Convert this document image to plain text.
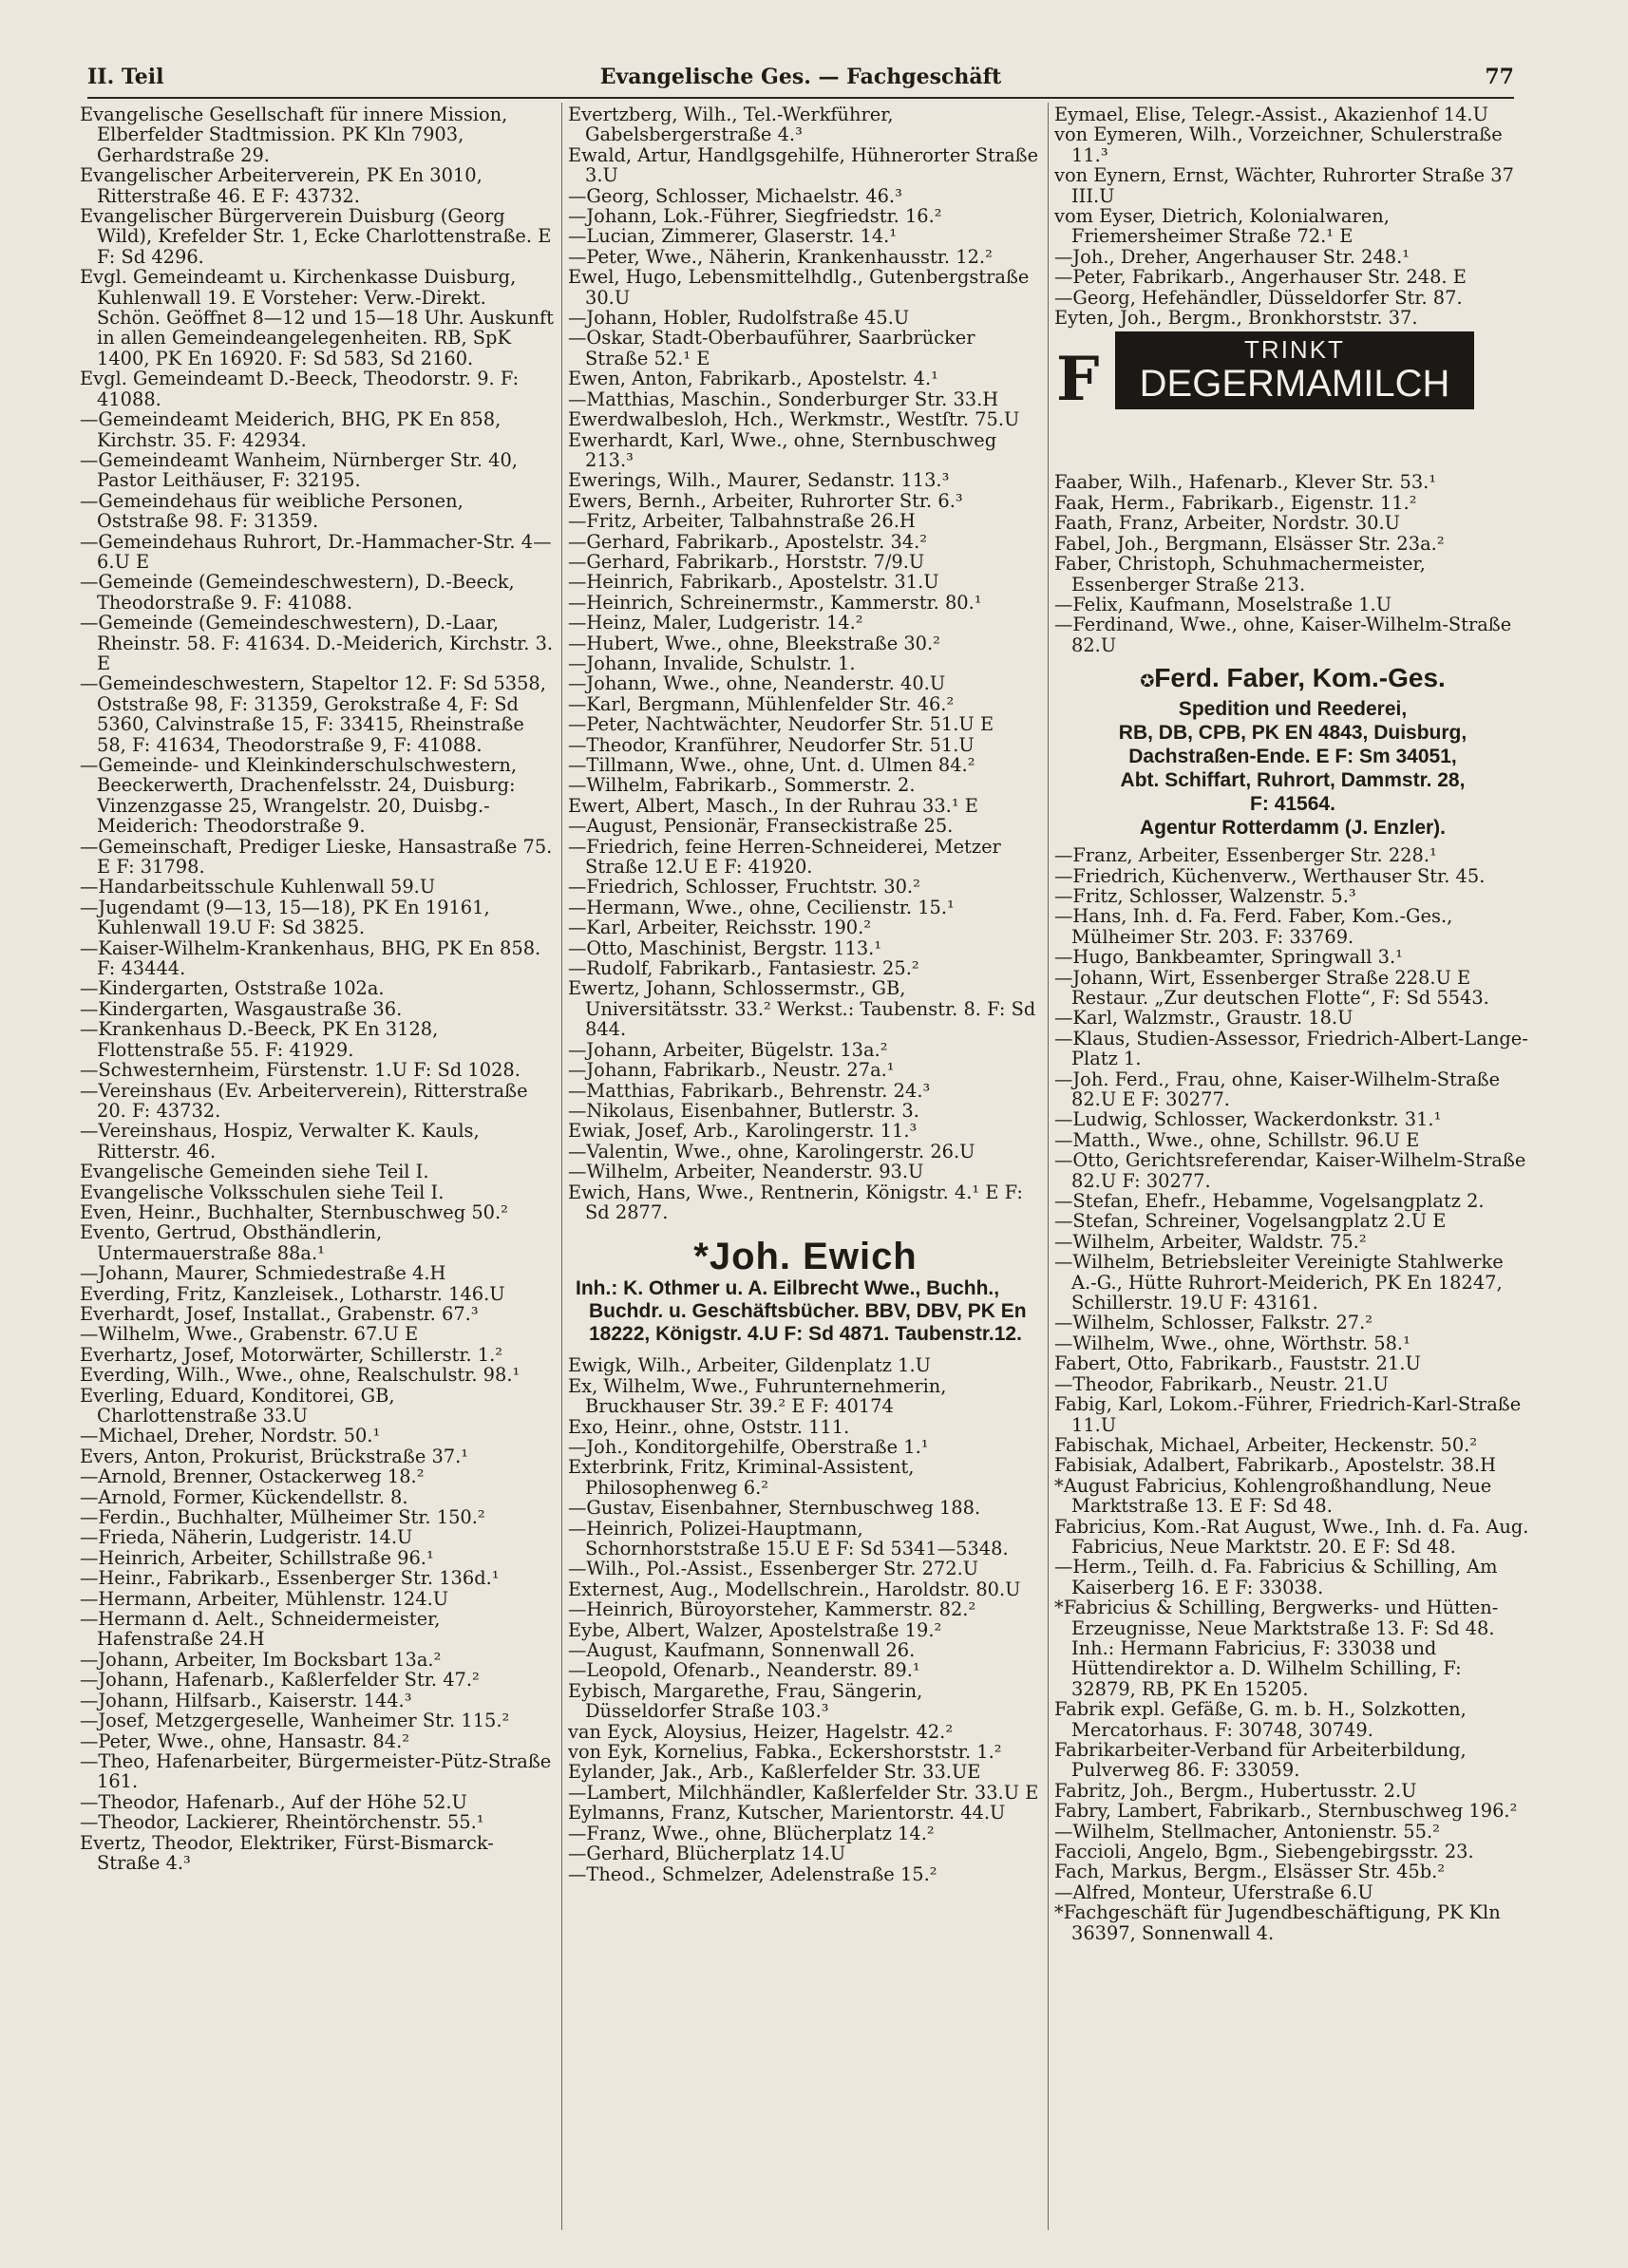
II. Teil	Evangelische Ges. — Fachgeschäft	77

Evangelische Gesellschaft für innere Mission, Elberfelder Stadtmission. PK Kln 7903, Gerhardstraße 29.

Evangelischer Arbeiterverein, PK En 3010, Ritterstraße 46. E F: 43732.

Evangelischer Bürgerverein Duisburg (Georg Wild), Krefelder Str. 1, Ecke Charlottenstraße. E F: Sd 4296.

Evgl. Gemeindeamt u. Kirchenkasse Duisburg, Kuhlenwall 19. E Vorsteher: Verw.-Direkt. Schön. Geöffnet 8—12 und 15—18 Uhr. Auskunft in allen Gemeindeangelegenheiten. RB, SpK 1400, PK En 16920. F: Sd 583, Sd 2160.

Evgl. Gemeindeamt D.-Beeck, Theodorstr. 9. F: 41088.

—Gemeindeamt Meiderich, BHG, PK En 858, Kirchstr. 35. F: 42934.

—Gemeindeamt Wanheim, Nürnberger Str. 40, Pastor Leithäuser, F: 32195.

—Gemeindehaus für weibliche Personen, Oststraße 98. F: 31359.

—Gemeindehaus Ruhrort, Dr.-Hammacher-Str. 4—6.U E

—Gemeinde (Gemeindeschwestern), D.-Beeck, Theodorstraße 9. F: 41088.

—Gemeinde (Gemeindeschwestern), D.-Laar, Rheinstr. 58. F: 41634. D.-Meiderich, Kirchstr. 3. E

—Gemeindeschwestern, Stapeltor 12. F: Sd 5358, Oststraße 98, F: 31359, Gerokstraße 4, F: Sd 5360, Calvinstraße 15, F: 33415, Rheinstraße 58, F: 41634, Theodorstraße 9, F: 41088.

—Gemeinde- und Kleinkinderschulschwestern, Beeckerwerth, Drachenfelsstr. 24, Duisburg: Vinzenzgasse 25, Wrangelstr. 20, Duisbg.-Meiderich: Theodorstraße 9.

—Gemeinschaft, Prediger Lieske, Hansastraße 75. E F: 31798.

—Handarbeitsschule Kuhlenwall 59.U

—Jugendamt (9—13, 15—18), PK En 19161, Kuhlenwall 19.U F: Sd 3825.

—Kaiser-Wilhelm-Krankenhaus, BHG, PK En 858. F: 43444.

—Kindergarten, Oststraße 102a.

—Kindergarten, Wasgaustraße 36.

—Krankenhaus D.-Beeck, PK En 3128, Flottenstraße 55. F: 41929.

—Schwesternheim, Fürstenstr. 1.U F: Sd 1028.

—Vereinshaus (Ev. Arbeiterverein), Ritterstraße 20. F: 43732.

—Vereinshaus, Hospiz, Verwalter K. Kauls, Ritterstr. 46.

Evangelische Gemeinden siehe Teil I.

Evangelische Volksschulen siehe Teil I.

Even, Heinr., Buchhalter, Sternbuschweg 50.²

Evento, Gertrud, Obsthändlerin, Untermauerstraße 88a.¹

—Johann, Maurer, Schmiedestraße 4.H

Everding, Fritz, Kanzleisek., Lotharstr. 146.U

Everhardt, Josef, Installat., Grabenstr. 67.³

—Wilhelm, Wwe., Grabenstr. 67.U E

Everhartz, Josef, Motorwärter, Schillerstr. 1.²

Everding, Wilh., Wwe., ohne, Realschulstr. 98.¹

Everling, Eduard, Konditorei, GB, Charlottenstraße 33.U

—Michael, Dreher, Nordstr. 50.¹

Evers, Anton, Prokurist, Brückstraße 37.¹

—Arnold, Brenner, Ostackerweg 18.²

—Arnold, Former, Kückendellstr. 8.

—Ferdin., Buchhalter, Mülheimer Str. 150.²

—Frieda, Näherin, Ludgeristr. 14.U

—Heinrich, Arbeiter, Schillstraße 96.¹

—Heinr., Fabrikarb., Essenberger Str. 136d.¹

—Hermann, Arbeiter, Mühlenstr. 124.U

—Hermann d. Aelt., Schneidermeister, Hafenstraße 24.H

—Johann, Arbeiter, Im Bocksbart 13a.²

—Johann, Hafenarb., Kaßlerfelder Str. 47.²

—Johann, Hilfsarb., Kaiserstr. 144.³

—Josef, Metzgergeselle, Wanheimer Str. 115.²

—Peter, Wwe., ohne, Hansastr. 84.²

—Theo, Hafenarbeiter, Bürgermeister-Pütz-Straße 161.

—Theodor, Hafenarb., Auf der Höhe 52.U

—Theodor, Lackierer, Rheintörchenstr. 55.¹

Evertz, Theodor, Elektriker, Fürst-Bismarck-Straße 4.³

Evertzberg, Wilh., Tel.-Werkführer, Gabelsbergerstraße 4.³

Ewald, Artur, Handlgsgehilfe, Hühnerorter Straße 3.U

—Georg, Schlosser, Michaelstr. 46.³

—Johann, Lok.-Führer, Siegfriedstr. 16.²

—Lucian, Zimmerer, Glaserstr. 14.¹

—Peter, Wwe., Näherin, Krankenhausstr. 12.²

Ewel, Hugo, Lebensmittelhdlg., Gutenbergstraße 30.U

—Johann, Hobler, Rudolfstraße 45.U

—Oskar, Stadt-Oberbauführer, Saarbrücker Straße 52.¹ E

Ewen, Anton, Fabrikarb., Apostelstr. 4.¹

—Matthias, Maschin., Sonderburger Str. 33.H

Ewerdwalbesloh, Hch., Werkmstr., Westſtr. 75.U

Ewerhardt, Karl, Wwe., ohne, Sternbuschweg 213.³

Ewerings, Wilh., Maurer, Sedanstr. 113.³

Ewers, Bernh., Arbeiter, Ruhrorter Str. 6.³

—Fritz, Arbeiter, Talbahnstraße 26.H

—Gerhard, Fabrikarb., Apostelstr. 34.²

—Gerhard, Fabrikarb., Horststr. 7/9.U

—Heinrich, Fabrikarb., Apostelstr. 31.U

—Heinrich, Schreinermstr., Kammerstr. 80.¹

—Heinz, Maler, Ludgeristr. 14.²

—Hubert, Wwe., ohne, Bleekstraße 30.²

—Johann, Invalide, Schulstr. 1.

—Johann, Wwe., ohne, Neanderstr. 40.U

—Karl, Bergmann, Mühlenfelder Str. 46.²

—Peter, Nachtwächter, Neudorfer Str. 51.U E

—Theodor, Kranführer, Neudorfer Str. 51.U

—Tillmann, Wwe., ohne, Unt. d. Ulmen 84.²

—Wilhelm, Fabrikarb., Sommerstr. 2.

Ewert, Albert, Masch., In der Ruhrau 33.¹ E

—August, Pensionär, Franseckistraße 25.

—Friedrich, feine Herren-Schneiderei, Metzer Straße 12.U E F: 41920.

—Friedrich, Schlosser, Fruchtstr. 30.²

—Hermann, Wwe., ohne, Cecilienstr. 15.¹

—Karl, Arbeiter, Reichsstr. 190.²

—Otto, Maschinist, Bergstr. 113.¹

—Rudolf, Fabrikarb., Fantasiestr. 25.²

Ewertz, Johann, Schlossermstr., GB, Universitätsstr. 33.² Werkst.: Taubenstr. 8. F: Sd 844.

—Johann, Arbeiter, Bügelstr. 13a.²

—Johann, Fabrikarb., Neustr. 27a.¹

—Matthias, Fabrikarb., Behrenstr. 24.³

—Nikolaus, Eisenbahner, Butlerstr. 3.

Ewiak, Josef, Arb., Karolingerstr. 11.³

—Valentin, Wwe., ohne, Karolingerstr. 26.U

—Wilhelm, Arbeiter, Neanderstr. 93.U

Ewich, Hans, Wwe., Rentnerin, Königstr. 4.¹ E F: Sd 2877.

*Joh. Ewich
Inh.: K. Othmer u. A. Eilbrecht Wwe., Buchh., Buchdr. u. Geschäftsbücher. BBV, DBV, PK En 18222, Königstr. 4.U F: Sd 4871. Taubenstr.12.

Ewigk, Wilh., Arbeiter, Gildenplatz 1.U

Ex, Wilhelm, Wwe., Fuhrunternehmerin, Bruckhauser Str. 39.² E F: 40174

Exo, Heinr., ohne, Oststr. 111.

—Joh., Konditorgehilfe, Oberstraße 1.¹

Exterbrink, Fritz, Kriminal-Assistent, Philosophenweg 6.²

—Gustav, Eisenbahner, Sternbuschweg 188.

—Heinrich, Polizei-Hauptmann, Schornhorststraße 15.U E F: Sd 5341—5348.

—Wilh., Pol.-Assist., Essenberger Str. 272.U

Externest, Aug., Modellschrein., Haroldstr. 80.U

—Heinrich, Büroyorsteher, Kammerstr. 82.²

Eybe, Albert, Walzer, Apostelstraße 19.²

—August, Kaufmann, Sonnenwall 26.

—Leopold, Ofenarb., Neanderstr. 89.¹

Eybisch, Margarethe, Frau, Sängerin, Düsseldorfer Straße 103.³

van Eyck, Aloysius, Heizer, Hagelstr. 42.²

von Eyk, Kornelius, Fabka., Eckershorststr. 1.²

Eylander, Jak., Arb., Kaßlerfelder Str. 33.UE

—Lambert, Milchhändler, Kaßlerfelder Str. 33.U E

Eylmanns, Franz, Kutscher, Marientorstr. 44.U

—Franz, Wwe., ohne, Blücherplatz 14.²

—Gerhard, Blücherplatz 14.U

—Theod., Schmelzer, Adelenstraße 15.²

Eymael, Elise, Telegr.-Assist., Akazienhof 14.U

von Eymeren, Wilh., Vorzeichner, Schulerstraße 11.³

von Eynern, Ernst, Wächter, Ruhrorter Straße 37 III.U

vom Eyser, Dietrich, Kolonialwaren, Friemersheimer Straße 72.¹ E

—Joh., Dreher, Angerhauser Str. 248.¹

—Peter, Fabrikarb., Angerhauser Str. 248. E

—Georg, Hefehändler, Düsseldorfer Str. 87.

Eyten, Joh., Bergm., Bronkhorststr. 37.

TRINKT
DEGERMAMILCH
F

Faaber, Wilh., Hafenarb., Klever Str. 53.¹

Faak, Herm., Fabrikarb., Eigenstr. 11.²

Faath, Franz, Arbeiter, Nordstr. 30.U

Fabel, Joh., Bergmann, Elsässer Str. 23a.²

Faber, Christoph, Schuhmachermeister, Essenberger Straße 213.

—Felix, Kaufmann, Moselstraße 1.U

—Ferdinand, Wwe., ohne, Kaiser-Wilhelm-Straße 82.U

✪Ferd. Faber, Kom.-Ges.
Spedition und Reederei,
RB, DB, CPB, PK EN 4843, Duisburg,
Dachstraßen-Ende. E F: Sm 34051,
Abt. Schiffart, Ruhrort, Dammstr. 28,
F: 41564.
Agentur Rotterdamm (J. Enzler).

—Franz, Arbeiter, Essenberger Str. 228.¹

—Friedrich, Küchenverw., Werthauser Str. 45.

—Fritz, Schlosser, Walzenstr. 5.³

—Hans, Inh. d. Fa. Ferd. Faber, Kom.-Ges., Mülheimer Str. 203. F: 33769.

—Hugo, Bankbeamter, Springwall 3.¹

—Johann, Wirt, Essenberger Straße 228.U E Restaur. „Zur deutschen Flotte“, F: Sd 5543.

—Karl, Walzmstr., Graustr. 18.U

—Klaus, Studien-Assessor, Friedrich-Albert-Lange-Platz 1.

—Joh. Ferd., Frau, ohne, Kaiser-Wilhelm-Straße 82.U E F: 30277.

—Ludwig, Schlosser, Wackerdonkstr. 31.¹

—Matth., Wwe., ohne, Schillstr. 96.U E

—Otto, Gerichtsreferendar, Kaiser-Wilhelm-Straße 82.U F: 30277.

—Stefan, Ehefr., Hebamme, Vogelsangplatz 2.

—Stefan, Schreiner, Vogelsangplatz 2.U E

—Wilhelm, Arbeiter, Waldstr. 75.²

—Wilhelm, Betriebsleiter Vereinigte Stahlwerke A.-G., Hütte Ruhrort-Meiderich, PK En 18247, Schillerstr. 19.U F: 43161.

—Wilhelm, Schlosser, Falkstr. 27.²

—Wilhelm, Wwe., ohne, Wörthstr. 58.¹

Fabert, Otto, Fabrikarb., Fauststr. 21.U

—Theodor, Fabrikarb., Neustr. 21.U

Fabig, Karl, Lokom.-Führer, Friedrich-Karl-Straße 11.U

Fabischak, Michael, Arbeiter, Heckenstr. 50.²

Fabisiak, Adalbert, Fabrikarb., Apostelstr. 38.H

*August Fabricius, Kohlengroßhandlung, Neue Marktstraße 13. E F: Sd 48.

Fabricius, Kom.-Rat August, Wwe., Inh. d. Fa. Aug. Fabricius, Neue Marktstr. 20. E F: Sd 48.

—Herm., Teilh. d. Fa. Fabricius & Schilling, Am Kaiserberg 16. E F: 33038.

*Fabricius & Schilling, Bergwerks- und Hütten-Erzeugnisse, Neue Marktstraße 13. F: Sd 48. Inh.: Hermann Fabricius, F: 33038 und Hüttendirektor a. D. Wilhelm Schilling, F: 32879, RB, PK En 15205.

Fabrik expl. Gefäße, G. m. b. H., Solzkotten, Mercatorhaus. F: 30748, 30749.

Fabrikarbeiter-Verband für Arbeiterbildung, Pulverweg 86. F: 33059.

Fabritz, Joh., Bergm., Hubertusstr. 2.U

Fabry, Lambert, Fabrikarb., Sternbuschweg 196.²

—Wilhelm, Stellmacher, Antonienstr. 55.²

Faccioli, Angelo, Bgm., Siebengebirgsstr. 23.

Fach, Markus, Bergm., Elsässer Str. 45b.²

—Alfred, Monteur, Uferstraße 6.U

*Fachgeschäft für Jugendbeschäftigung, PK Kln 36397, Sonnenwall 4.
